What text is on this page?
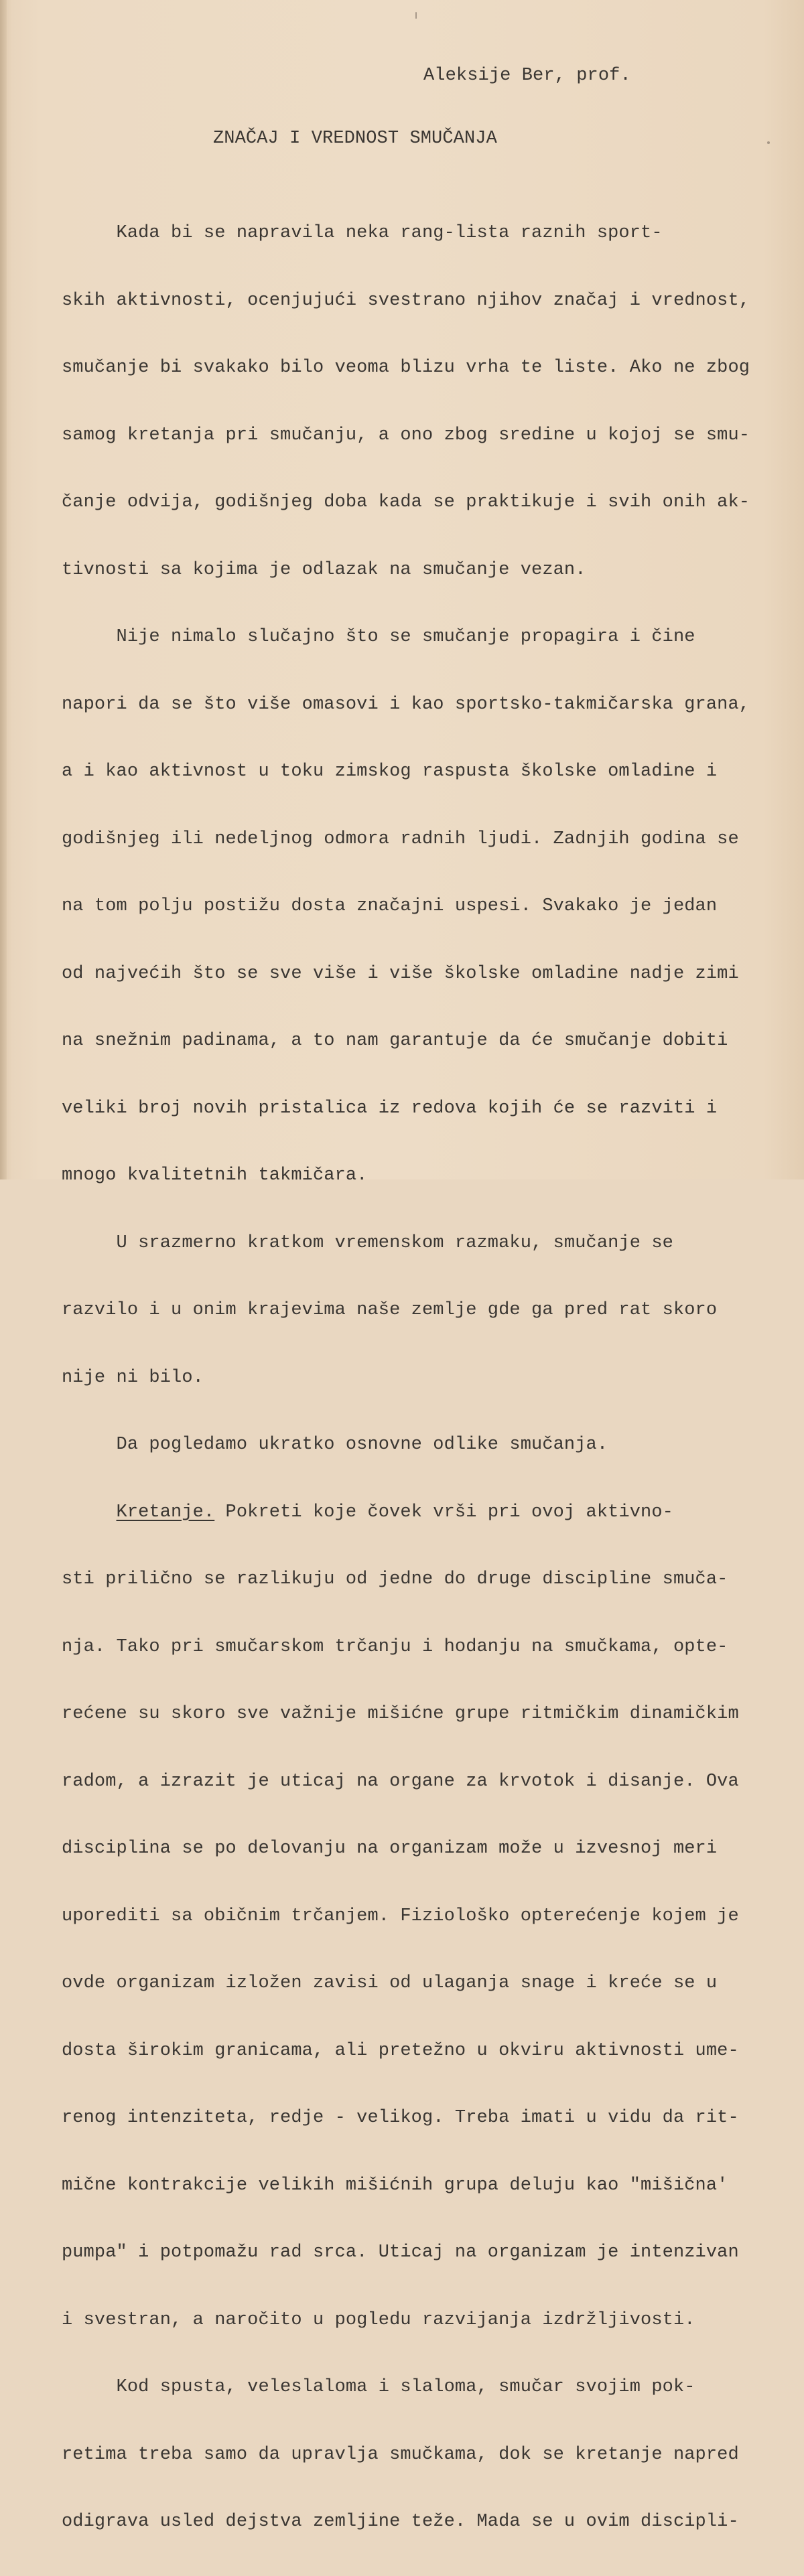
Aleksije Ber, prof.
ZNAČAJ I VREDNOST SMUČANJA

Kada bi se napravila neka rang-lista raznih sport-

skih aktivnosti, ocenjujući svestrano njihov značaj i vrednost,

smučanje bi svakako bilo veoma blizu vrha te liste. Ako ne zbog

samog kretanja pri smučanju, a ono zbog sredine u kojoj se smu-

čanje odvija, godišnjeg doba kada se praktikuje i svih onih ak-

tivnosti sa kojima je odlazak na smučanje vezan.

Nije nimalo slučajno što se smučanje propagira i čine

napori da se što više omasovi i kao sportsko-takmičarska grana,

a i kao aktivnost u toku zimskog raspusta školske omladine i

godišnjeg ili nedeljnog odmora radnih ljudi. Zadnjih godina se

na tom polju postižu dosta značajni uspesi. Svakako je jedan

od najvećih što se sve više i više školske omladine nadje zimi

na snežnim padinama, a to nam garantuje da će smučanje dobiti

veliki broj novih pristalica iz redova kojih će se razviti i

mnogo kvalitetnih takmičara.

U srazmerno kratkom vremenskom razmaku, smučanje se

razvilo i u onim krajevima naše zemlje gde ga pred rat skoro

nije ni bilo.

Da pogledamo ukratko osnovne odlike smučanja.

Kretanje. Pokreti koje čovek vrši pri ovoj aktivno-

sti prilično se razlikuju od jedne do druge discipline smuča-

nja. Tako pri smučarskom trčanju i hodanju na smučkama, opte-

rećene su skoro sve važnije mišićne grupe ritmičkim dinamičkim

radom, a izrazit je uticaj na organe za krvotok i disanje. Ova

disciplina se po delovanju na organizam može u izvesnoj meri

uporediti sa običnim trčanjem. Fiziološko opterećenje kojem je

ovde organizam izložen zavisi od ulaganja snage i kreće se u

dosta širokim granicama, ali pretežno u okviru aktivnosti ume-

renog intenziteta, redje - velikog. Treba imati u vidu da rit-

mične kontrakcije velikih mišićnih grupa deluju kao "mišična'

pumpa" i potpomažu rad srca. Uticaj na organizam je intenzivan

i svestran, a naročito u pogledu razvijanja izdržljivosti.

Kod spusta, veleslaloma i slaloma, smučar svojim pok-

retima treba samo da upravlja smučkama, dok se kretanje napred

odigrava usled dejstva zemljine teže. Mada se u ovim discipli-
